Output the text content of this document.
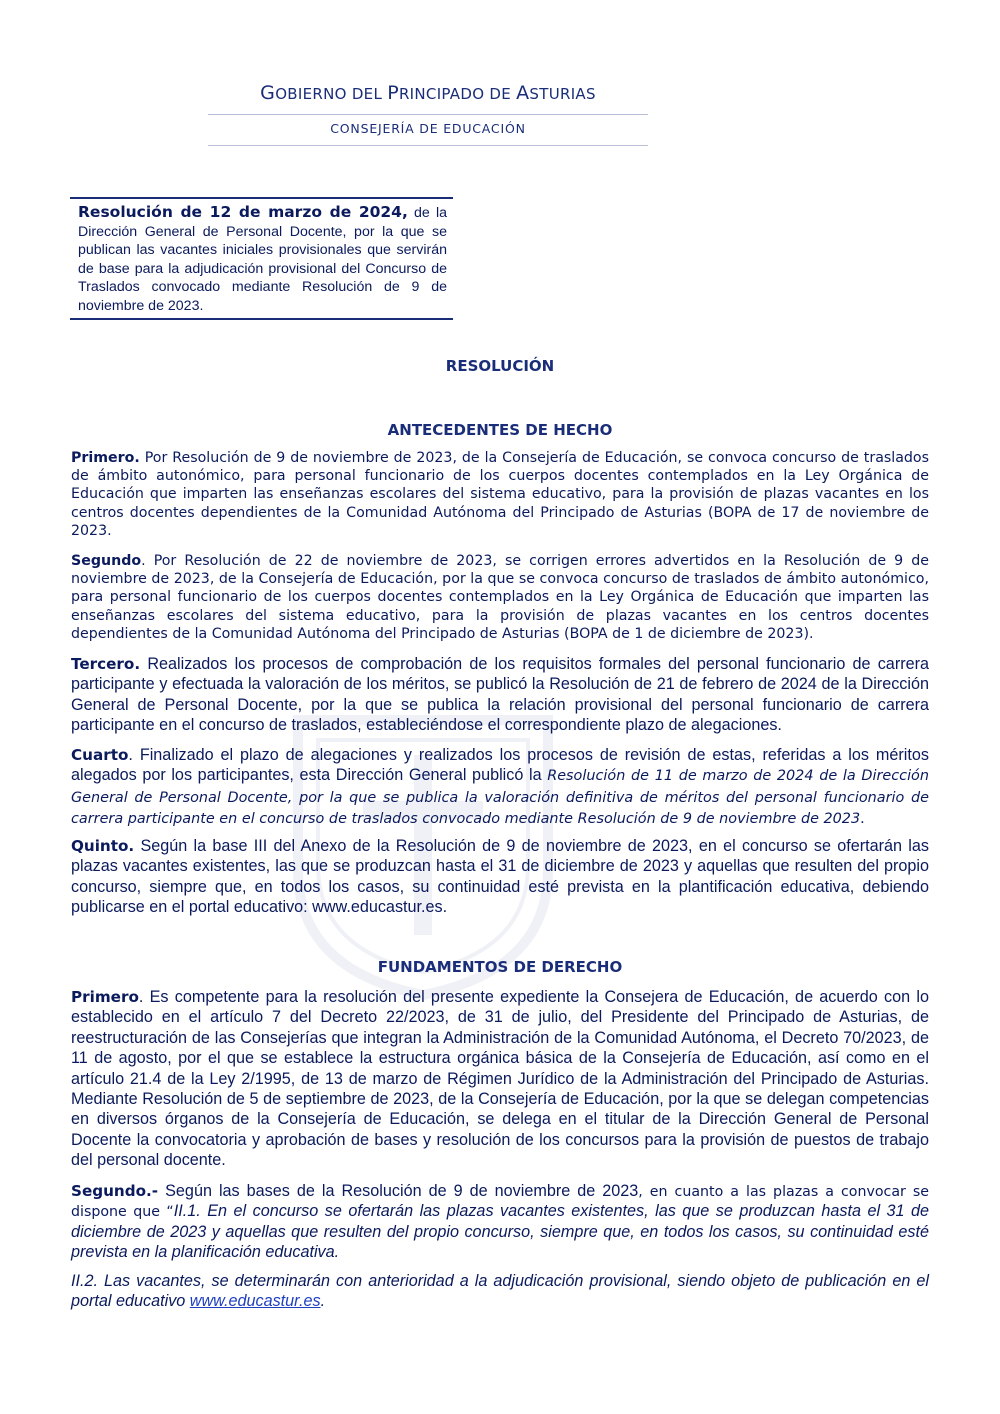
GOBIERNO DEL PRINCIPADO DE ASTURIAS
CONSEJERÍA DE EDUCACIÓN
Resolución de 12 de marzo de 2024, de la Dirección General de Personal Docente, por la que se publican las vacantes iniciales provisionales que servirán de base para la adjudicación provisional del Concurso de Traslados convocado mediante Resolución de 9 de noviembre de 2023.
RESOLUCIÓN
ANTECEDENTES DE HECHO

Primero. Por Resolución de 9 de noviembre de 2023, de la Consejería de Educación, se convoca concurso de traslados de ámbito autonómico, para personal funcionario de los cuerpos docentes contemplados en la Ley Orgánica de Educación que imparten las enseñanzas escolares del sistema educativo, para la provisión de plazas vacantes en los centros docentes dependientes de la Comunidad Autónoma del Principado de Asturias (BOPA de 17 de noviembre de 2023.

Segundo. Por Resolución de 22 de noviembre de 2023, se corrigen errores advertidos en la Resolución de 9 de noviembre de 2023, de la Consejería de Educación, por la que se convoca concurso de traslados de ámbito autonómico, para personal funcionario de los cuerpos docentes contemplados en la Ley Orgánica de Educación que imparten las enseñanzas escolares del sistema educativo, para la provisión de plazas vacantes en los centros docentes dependientes de la Comunidad Autónoma del Principado de Asturias (BOPA de 1 de diciembre de 2023).

Tercero. Realizados los procesos de comprobación de los requisitos formales del personal funcionario de carrera participante y efectuada la valoración de los méritos, se publicó la Resolución de 21 de febrero de 2024 de la Dirección General de Personal Docente, por la que se publica la relación provisional del personal funcionario de carrera participante en el concurso de traslados, estableciéndose el correspondiente plazo de alegaciones.

Cuarto. Finalizado el plazo de alegaciones y realizados los procesos de revisión de estas, referidas a los méritos alegados por los participantes, esta Dirección General publicó la Resolución de 11 de marzo de 2024 de la Dirección General de Personal Docente, por la que se publica la valoración definitiva de méritos del personal funcionario de carrera participante en el concurso de traslados convocado mediante Resolución de 9 de noviembre de 2023.

Quinto. Según la base III del Anexo de la Resolución de 9 de noviembre de 2023, en el concurso se ofertarán las plazas vacantes existentes, las que se produzcan hasta el 31 de diciembre de 2023 y aquellas que resulten del propio concurso, siempre que, en todos los casos, su continuidad esté prevista en la plantificación educativa, debiendo publicarse en el portal educativo: www.educastur.es.

FUNDAMENTOS DE DERECHO

Primero. Es competente para la resolución del presente expediente la Consejera de Educación, de acuerdo con lo establecido en el artículo 7 del Decreto 22/2023, de 31 de julio, del Presidente del Principado de Asturias, de reestructuración de las Consejerías que integran la Administración de la Comunidad Autónoma, el Decreto 70/2023, de 11 de agosto, por el que se establece la estructura orgánica básica de la Consejería de Educación, así como en el artículo 21.4 de la Ley 2/1995, de 13 de marzo de Régimen Jurídico de la Administración del Principado de Asturias. Mediante Resolución de 5 de septiembre de 2023, de la Consejería de Educación, por la que se delegan competencias en diversos órganos de la Consejería de Educación, se delega en el titular de la Dirección General de Personal Docente la convocatoria y aprobación de bases y resolución de los concursos para la provisión de puestos de trabajo del personal docente.

Segundo.- Según las bases de la Resolución de 9 de noviembre de 2023, en cuanto a las plazas a convocar se dispone que “II.1. En el concurso se ofertarán las plazas vacantes existentes, las que se produzcan hasta el 31 de diciembre de 2023 y aquellas que resulten del propio concurso, siempre que, en todos los casos, su continuidad esté prevista en la planificación educativa.

II.2. Las vacantes, se determinarán con anterioridad a la adjudicación provisional, siendo objeto de publicación en el portal educativo www.educastur.es.
